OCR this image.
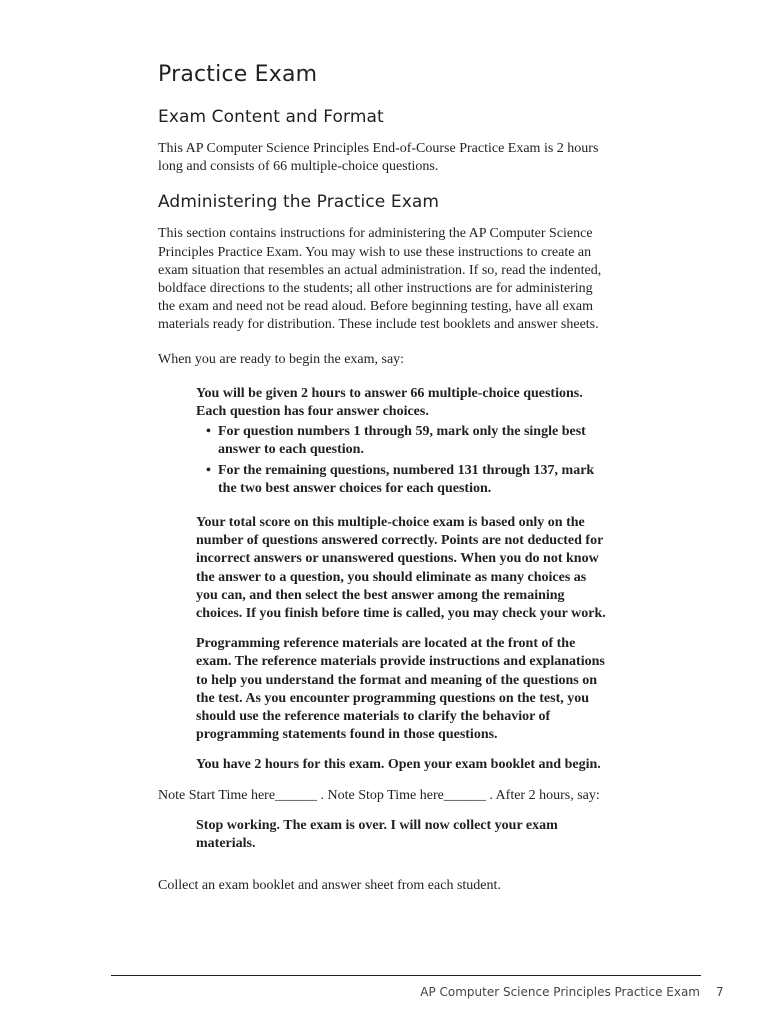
Practice Exam
Exam Content and Format

This AP Computer Science Principles End-of-Course Practice Exam is 2 hours long and consists of 66 multiple-choice questions.

Administering the Practice Exam

This section contains instructions for administering the AP Computer Science Principles Practice Exam. You may wish to use these instructions to create an exam situation that resembles an actual administration. If so, read the indented, boldface directions to the students; all other instructions are for administering the exam and need not be read aloud. Before beginning testing, have all exam materials ready for distribution. These include test booklets and answer sheets.

When you are ready to begin the exam, say:

You will be given 2 hours to answer 66 multiple-choice questions. Each question has four answer choices.

• For question numbers 1 through 59, mark only the single best answer to each question.
• For the remaining questions, numbered 131 through 137, mark the two best answer choices for each question.

Your total score on this multiple-choice exam is based only on the number of questions answered correctly. Points are not deducted for incorrect answers or unanswered questions. When you do not know the answer to a question, you should eliminate as many choices as you can, and then select the best answer among the remaining choices. If you finish before time is called, you may check your work.

Programming reference materials are located at the front of the exam. The reference materials provide instructions and explanations to help you understand the format and meaning of the questions on the test. As you encounter programming questions on the test, you should use the reference materials to clarify the behavior of programming statements found in those questions.

You have 2 hours for this exam. Open your exam booklet and begin.

Note Start Time here______ . Note Stop Time here______ . After 2 hours, say:

Stop working. The exam is over. I will now collect your exam materials.

Collect an exam booklet and answer sheet from each student.

AP Computer Science Principles Practice Exam 7
